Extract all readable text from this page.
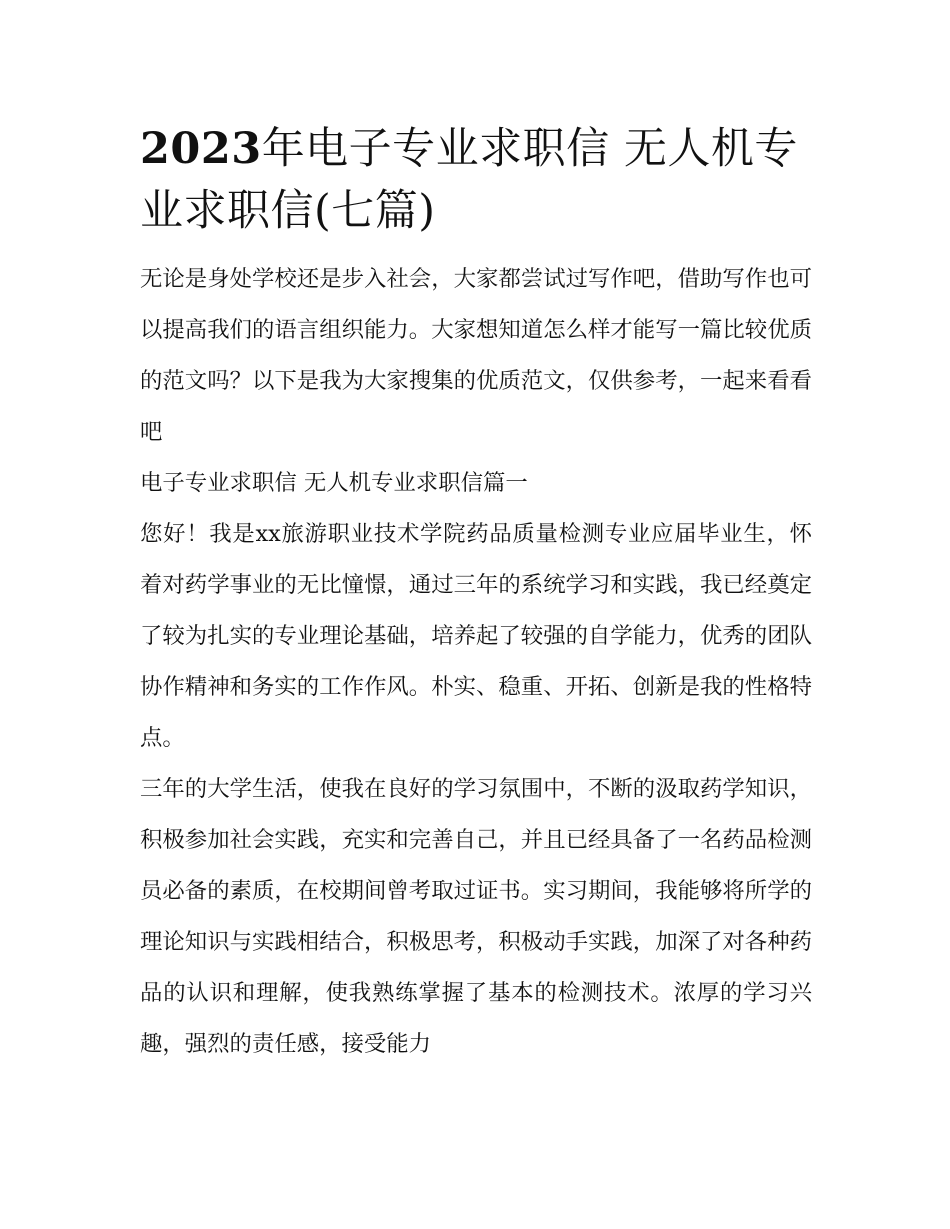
2023年电子专业求职信 无人机专业求职信(七篇)

无论是身处学校还是步入社会，大家都尝试过写作吧，借助写作也可以提高我们的语言组织能力。大家想知道怎么样才能写一篇比较优质的范文吗？以下是我为大家搜集的优质范文，仅供参考，一起来看看吧

电子专业求职信 无人机专业求职信篇一

您好！我是xx旅游职业技术学院药品质量检测专业应届毕业生，怀着对药学事业的无比憧憬，通过三年的系统学习和实践，我已经奠定了较为扎实的专业理论基础，培养起了较强的自学能力，优秀的团队协作精神和务实的工作作风。朴实、稳重、开拓、创新是我的性格特点。

三年的大学生活，使我在良好的学习氛围中，不断的汲取药学知识，积极参加社会实践，充实和完善自己，并且已经具备了一名药品检测员必备的素质，在校期间曾考取过证书。实习期间，我能够将所学的理论知识与实践相结合，积极思考，积极动手实践，加深了对各种药品的认识和理解，使我熟练掌握了基本的检测技术。浓厚的学习兴趣，强烈的责任感，接受能力
